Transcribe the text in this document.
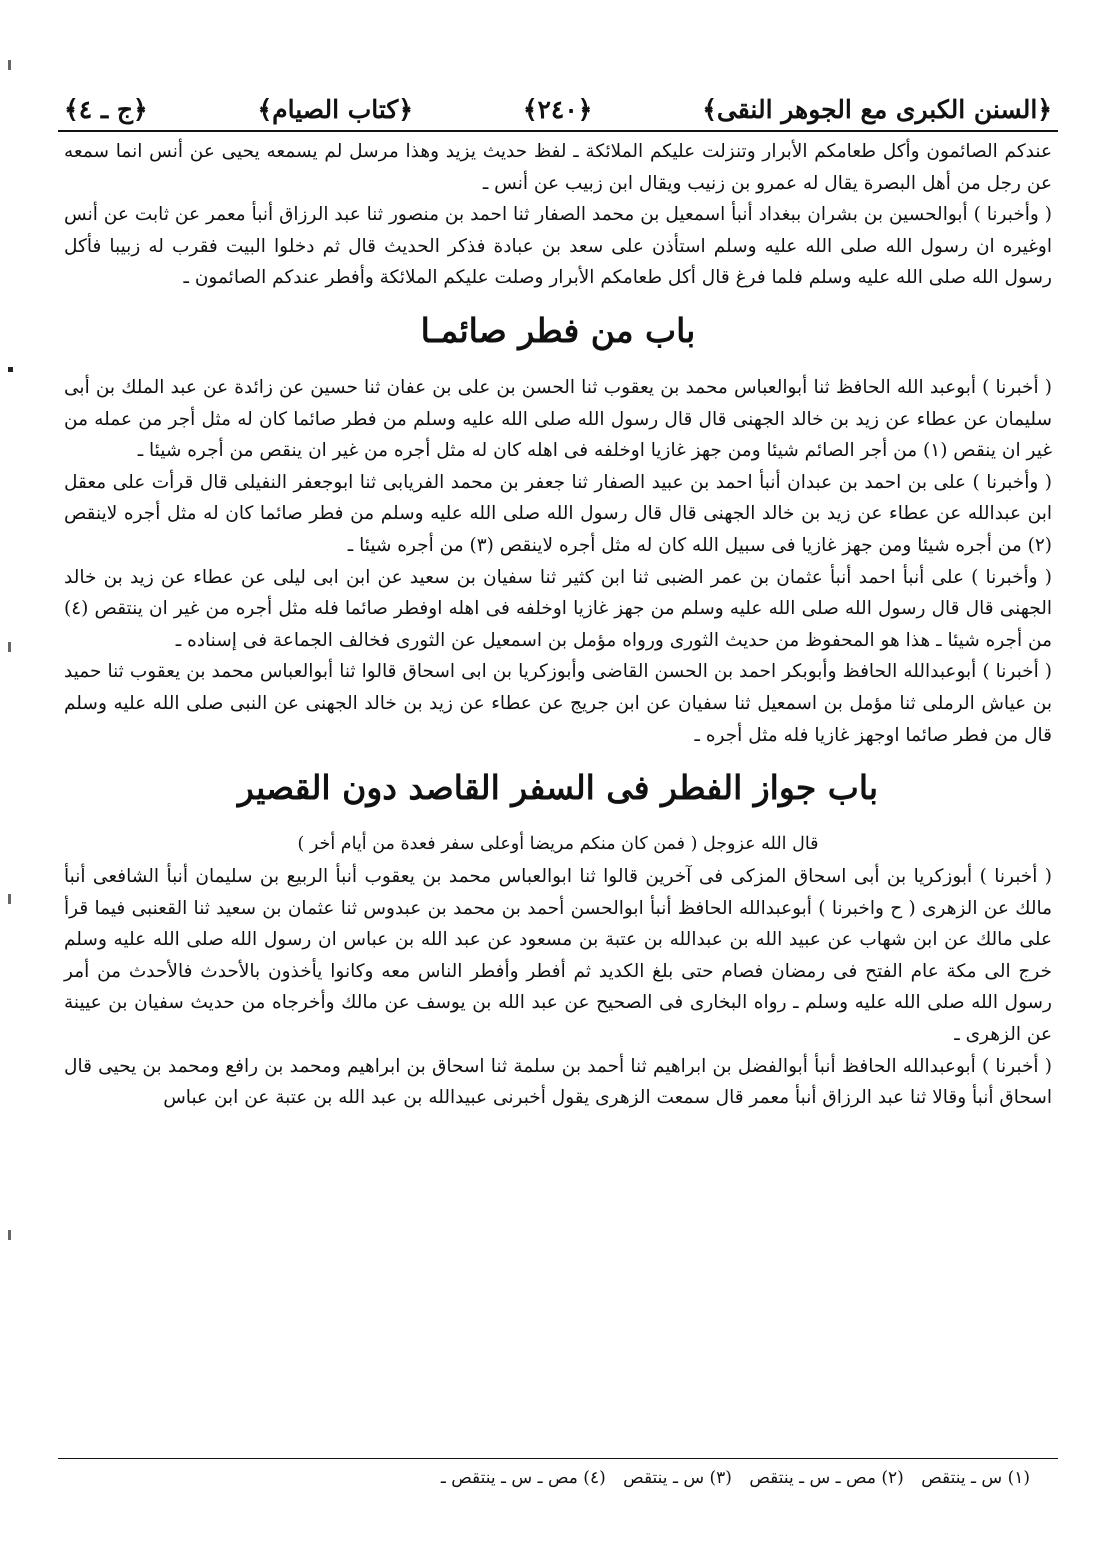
﴿السنن الكبرى مع الجوهر النقى﴾
﴿٢٤٠﴾
﴿كتاب الصيام﴾
﴿ج ـ ٤﴾

عندكم الصائمون وأكل طعامكم الأبرار وتنزلت عليكم الملائكة ـ لفظ حديث يزيد وهذا مرسل لم يسمعه يحيى عن أنس انما سمعه عن رجل من أهل البصرة يقال له عمرو بن زنيب ويقال ابن زبيب عن أنس ـ

( وأخبرنا ) أبوالحسين بن بشران ببغداد أنبأ اسمعيل بن محمد الصفار ثنا احمد بن منصور ثنا عبد الرزاق أنبأ معمر عن ثابت عن أنس اوغيره ان رسول الله صلى الله عليه وسلم استأذن على سعد بن عبادة فذكر الحديث قال ثم دخلوا البيت فقرب له زبيبا فأكل رسول الله صلى الله عليه وسلم فلما فرغ قال أكل طعامكم الأبرار وصلت عليكم الملائكة وأفطر عندكم الصائمون ـ

باب من فطر صائمـا

( أخبرنا ) أبوعبد الله الحافظ ثنا أبوالعباس محمد بن يعقوب ثنا الحسن بن على بن عفان ثنا حسين عن زائدة عن عبد الملك بن أبى سليمان عن عطاء عن زيد بن خالد الجهنى قال قال رسول الله صلى الله عليه وسلم من فطر صائما كان له مثل أجر من عمله من غير ان ينقص (١) من أجر الصائم شيئا ومن جهز غازيا اوخلفه فى اهله كان له مثل أجره من غير ان ينقص من أجره شيئا ـ

( وأخبرنا ) على بن احمد بن عبدان أنبأ احمد بن عبيد الصفار ثنا جعفر بن محمد الفريابى ثنا ابوجعفر النفيلى قال قرأت على معقل ابن عبدالله عن عطاء عن زيد بن خالد الجهنى قال قال رسول الله صلى الله عليه وسلم من فطر صائما كان له مثل أجره لاينقص (٢) من أجره شيئا ومن جهز غازيا فى سبيل الله كان له مثل أجره لاينقص (٣) من أجره شيئا ـ

( وأخبرنا ) على أنبأ احمد أنبأ عثمان بن عمر الضبى ثنا ابن كثير ثنا سفيان بن سعيد عن ابن ابى ليلى عن عطاء عن زيد بن خالد الجهنى قال قال رسول الله صلى الله عليه وسلم من جهز غازيا اوخلفه فى اهله اوفطر صائما فله مثل أجره من غير ان ينتقص (٤) من أجره شيئا ـ هذا هو المحفوظ من حديث الثورى ورواه مؤمل بن اسمعيل عن الثورى فخالف الجماعة فى إسناده ـ

( أخبرنا ) أبوعبدالله الحافظ وأبوبكر احمد بن الحسن القاضى وأبوزكريا بن ابى اسحاق قالوا ثنا أبوالعباس محمد بن يعقوب ثنا حميد بن عياش الرملى ثنا مؤمل بن اسمعيل ثنا سفيان عن ابن جريج عن عطاء عن زيد بن خالد الجهنى عن النبى صلى الله عليه وسلم قال من فطر صائما اوجهز غازيا فله مثل أجره ـ

باب جواز الفطر فى السفر القاصد دون القصير
قال الله عزوجل ( فمن كان منكم مريضا أوعلى سفر فعدة من أيام أخر )

( أخبرنا ) أبوزكريا بن أبى اسحاق المزكى فى آخرين قالوا ثنا ابوالعباس محمد بن يعقوب أنبأ الربيع بن سليمان أنبأ الشافعى أنبأ مالك عن الزهرى ( ح واخبرنا ) أبوعبدالله الحافظ أنبأ ابوالحسن أحمد بن محمد بن عبدوس ثنا عثمان بن سعيد ثنا القعنبى فيما قرأ على مالك عن ابن شهاب عن عبيد الله بن عبدالله بن عتبة بن مسعود عن عبد الله بن عباس ان رسول الله صلى الله عليه وسلم خرج الى مكة عام الفتح فى رمضان فصام حتى بلغ الكديد ثم أفطر وأفطر الناس معه وكانوا يأخذون بالأحدث فالأحدث من أمر رسول الله صلى الله عليه وسلم ـ رواه البخارى فى الصحيح عن عبد الله بن يوسف عن مالك وأخرجاه من حديث سفيان بن عيينة عن الزهرى ـ

( أخبرنا ) أبوعبدالله الحافظ أنبأ أبوالفضل بن ابراهيم ثنا أحمد بن سلمة ثنا اسحاق بن ابراهيم ومحمد بن رافع ومحمد بن يحيى قال اسحاق أنبأ وقالا ثنا عبد الرزاق أنبأ معمر قال سمعت الزهرى يقول أخبرنى عبيدالله بن عبد الله بن عتبة عن ابن عباس

(١) س ـ ينتقص (٢) مص ـ س ـ ينتقص (٣) س ـ ينتقص (٤) مص ـ س ـ ينتقص ـ
